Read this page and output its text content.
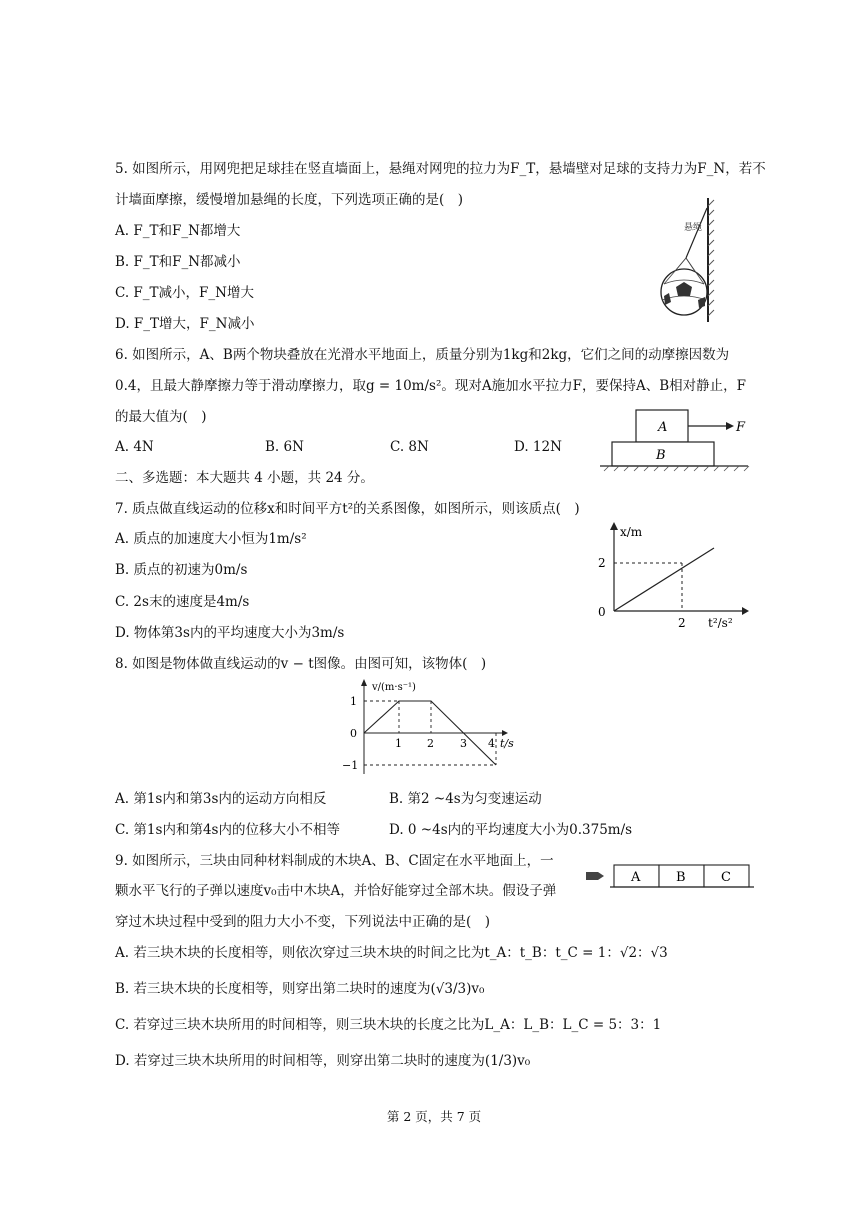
5. 如图所示，用网兜把足球挂在竖直墙面上，悬绳对网兜的拉力为F_T，悬墙壁对足球的支持力为F_N，若不
计墙面摩擦，缓慢增加悬绳的长度，下列选项正确的是(　)
A. F_T和F_N都增大
B. F_T和F_N都减小
C. F_T减小，F_N增大
D. F_T增大，F_N减小
悬绳
6. 如图所示，A、B两个物块叠放在光滑水平地面上，质量分别为1kg和2kg，它们之间的动摩擦因数为
0.4，且最大静摩擦力等于滑动摩擦力，取g = 10m/s²。现对A施加水平拉力F，要保持A、B相对静止，F
的最大值为(　)
A. 4N	B. 6N	C. 8N	D. 12N
A	F
B
二、多选题：本大题共 4 小题，共 24 分。
7. 质点做直线运动的位移x和时间平方t²的关系图像，如图所示，则该质点(　)
A. 质点的加速度大小恒为1m/s²
B. 质点的初速为0m/s
C. 2s末的速度是4m/s
D. 物体第3s内的平均速度大小为3m/s
x/m
2
0
2 t²/s²
8. 如图是物体做直线运动的v − t图像。由图可知，该物体(　)
v/(m·s⁻¹)
1
0
−1
1 2 3 4 t/s
A. 第1s内和第3s内的运动方向相反	B. 第2 ~4s为匀变速运动
C. 第1s内和第4s内的位移大小不相等	D. 0 ~4s内的平均速度大小为0.375m/s
9. 如图所示，三块由同种材料制成的木块A、B、C固定在水平地面上，一
颗水平飞行的子弹以速度v₀击中木块A，并恰好能穿过全部木块。假设子弹
穿过木块过程中受到的阻力大小不变，下列说法中正确的是(　)
A	B	C
A. 若三块木块的长度相等，则依次穿过三块木块的时间之比为t_A：t_B：t_C = 1：√2：√3
B. 若三块木块的长度相等，则穿出第二块时的速度为(√3/3)v₀
C. 若穿过三块木块所用的时间相等，则三块木块的长度之比为L_A：L_B：L_C = 5：3：1
D. 若穿过三块木块所用的时间相等，则穿出第二块时的速度为(1/3)v₀
第 2 页，共 7 页
